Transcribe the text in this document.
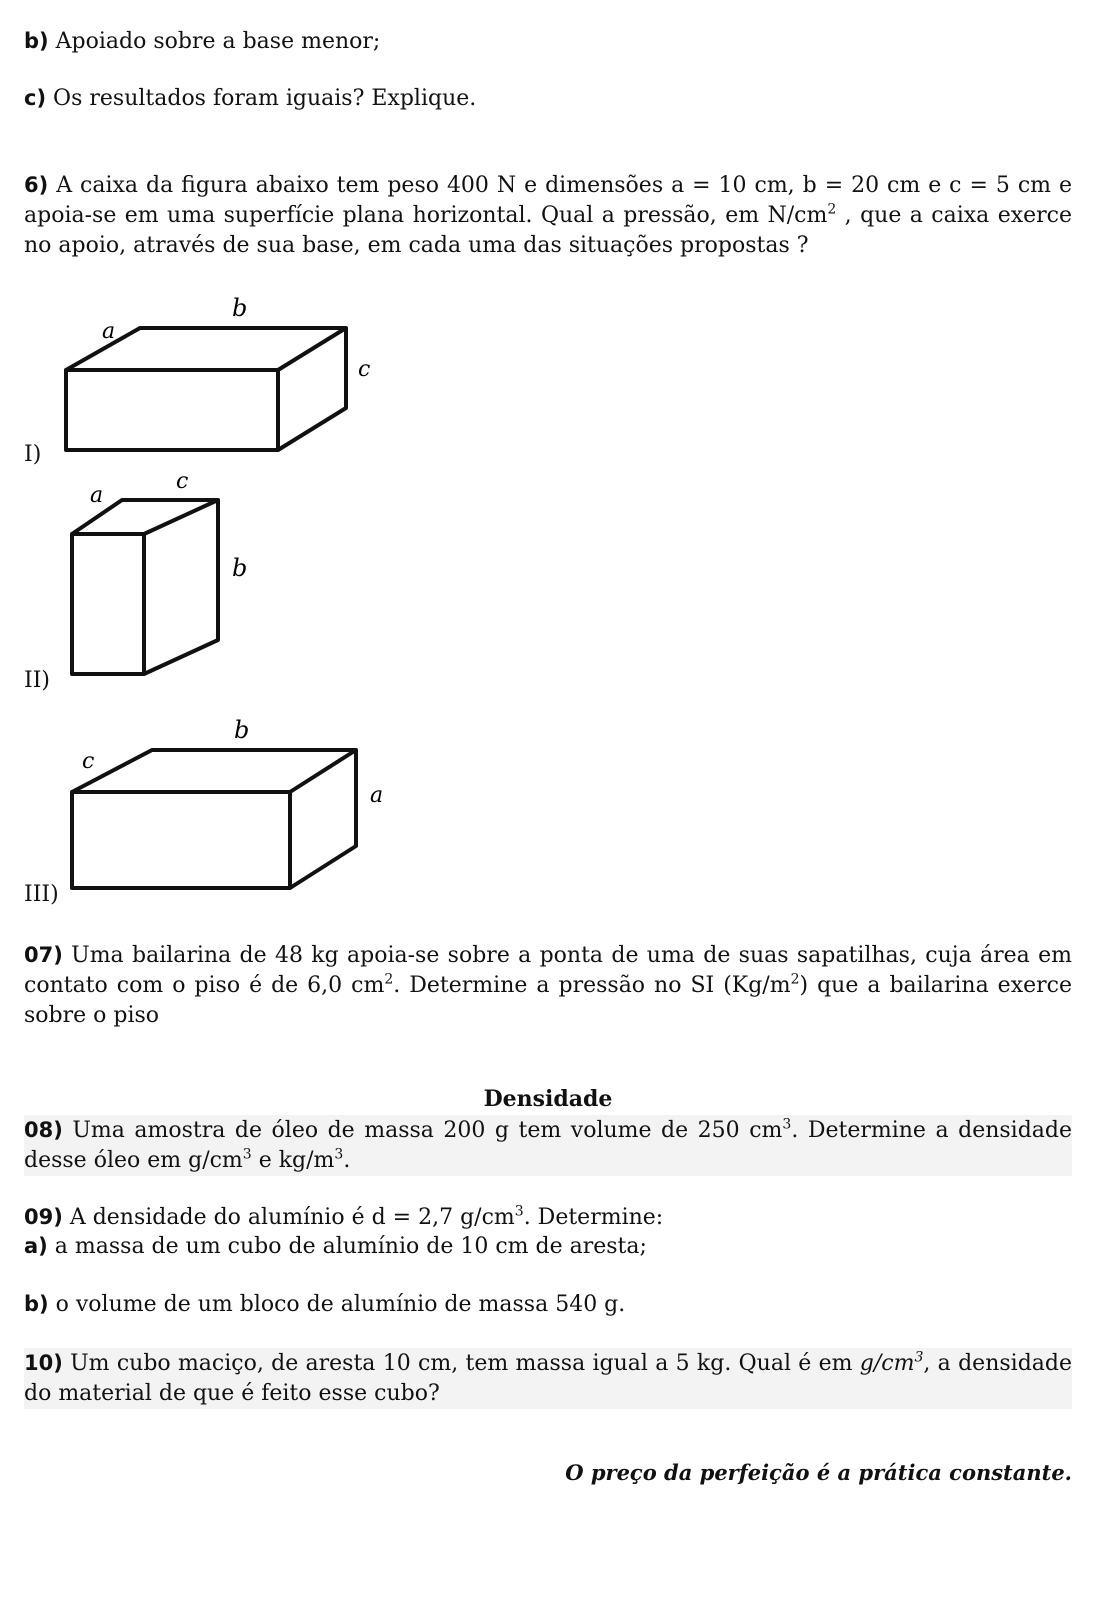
b) Apoiado sobre a base menor;
c) Os resultados foram iguais? Explique.
6) A caixa da figura abaixo tem peso 400 N e dimensões a = 10 cm, b = 20 cm e c = 5 cm e apoia-se em uma superfície plana horizontal. Qual a pressão, em $N/cm^2$ , que a caixa exerce no apoio, através de sua base, em cada uma das situações propostas ?
I)
b
a
c
II)
c
a
b
III)
b
c
a
07) Uma bailarina de 48 kg apoia-se sobre a ponta de uma de suas sapatilhas, cuja área em contato com o piso é de 6,0 $cm^2$. Determine a pressão no SI $(Kg/m^2)$ que a bailarina exerce sobre o piso
Densidade
08) Uma amostra de óleo de massa 200 g tem volume de 250 $cm^3$. Determine a densidade desse óleo em $g/cm^3$ e $kg/m^3$.
09) A densidade do alumínio é d = 2,7 $g/cm^3$. Determine:
a) a massa de um cubo de alumínio de 10 cm de aresta;
b) o volume de um bloco de alumínio de massa 540 g.
10) Um cubo maciço, de aresta 10 cm, tem massa igual a 5 kg. Qual é em $g/cm^3$, a densidade do material de que é feito esse cubo?
O preço da perfeição é a prática constante.
